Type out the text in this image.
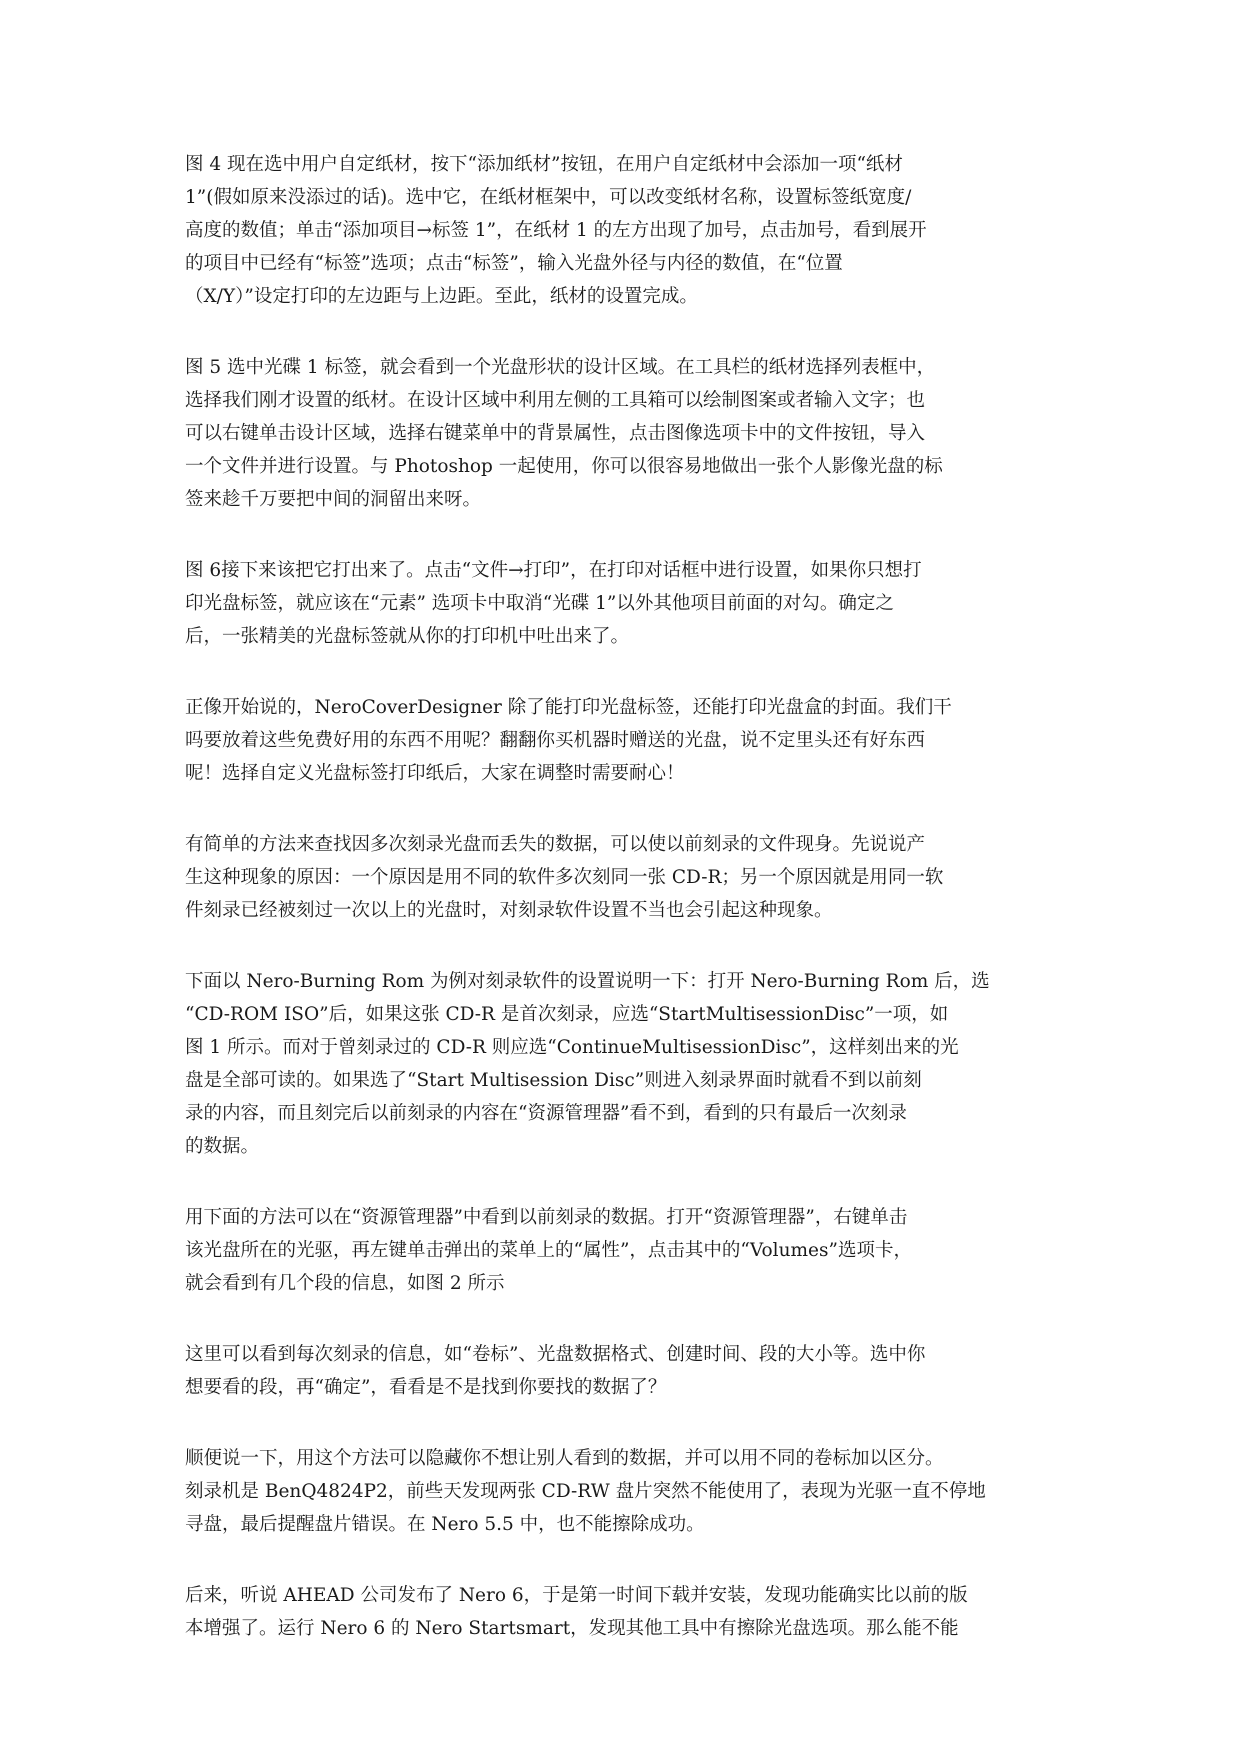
图 4 现在选中用户自定纸材，按下“添加纸材”按钮，在用户自定纸材中会添加一项“纸材
1”(假如原来没添过的话)。选中它，在纸材框架中，可以改变纸材名称，设置标签纸宽度/
高度的数值；单击“添加项目→标签 1”，在纸材 1 的左方出现了加号，点击加号，看到展开
的项目中已经有“标签”选项；点击“标签”，输入光盘外径与内径的数值，在“位置
（X/Y）”设定打印的左边距与上边距。至此，纸材的设置完成。

图 5 选中光碟 1 标签，就会看到一个光盘形状的设计区域。在工具栏的纸材选择列表框中，
选择我们刚才设置的纸材。在设计区域中利用左侧的工具箱可以绘制图案或者输入文字；也
可以右键单击设计区域，选择右键菜单中的背景属性，点击图像选项卡中的文件按钮，导入
一个文件并进行设置。与 Photoshop 一起使用，你可以很容易地做出一张个人影像光盘的标
签来趁千万要把中间的洞留出来呀。

图 6接下来该把它打出来了。点击“文件→打印”，在打印对话框中进行设置，如果你只想打
印光盘标签，就应该在“元素” 选项卡中取消“光碟 1”以外其他项目前面的对勾。确定之
后，一张精美的光盘标签就从你的打印机中吐出来了。

正像开始说的，NeroCoverDesigner 除了能打印光盘标签，还能打印光盘盒的封面。我们干
吗要放着这些免费好用的东西不用呢？翻翻你买机器时赠送的光盘，说不定里头还有好东西
呢！选择自定义光盘标签打印纸后，大家在调整时需要耐心！

有简单的方法来查找因多次刻录光盘而丢失的数据，可以使以前刻录的文件现身。先说说产
生这种现象的原因：一个原因是用不同的软件多次刻同一张 CD-R；另一个原因就是用同一软
件刻录已经被刻过一次以上的光盘时，对刻录软件设置不当也会引起这种现象。

下面以 Nero-Burning Rom 为例对刻录软件的设置说明一下：打开 Nero-Burning Rom 后，选
“CD-ROM ISO”后，如果这张 CD-R 是首次刻录，应选“StartMultisessionDisc”一项，如
图 1 所示。而对于曾刻录过的 CD-R 则应选“ContinueMultisessionDisc”，这样刻出来的光
盘是全部可读的。如果选了“Start Multisession Disc”则进入刻录界面时就看不到以前刻
录的内容，而且刻完后以前刻录的内容在“资源管理器”看不到，看到的只有最后一次刻录
的数据。

用下面的方法可以在“资源管理器”中看到以前刻录的数据。打开“资源管理器”，右键单击
该光盘所在的光驱，再左键单击弹出的菜单上的“属性”，点击其中的“Volumes”选项卡，
就会看到有几个段的信息，如图 2 所示

这里可以看到每次刻录的信息，如“卷标”、光盘数据格式、创建时间、段的大小等。选中你
想要看的段，再“确定”，看看是不是找到你要找的数据了？

顺便说一下，用这个方法可以隐藏你不想让别人看到的数据，并可以用不同的卷标加以区分。
刻录机是 BenQ4824P2，前些天发现两张 CD-RW 盘片突然不能使用了，表现为光驱一直不停地
寻盘，最后提醒盘片错误。在 Nero 5.5 中，也不能擦除成功。

后来，听说 AHEAD 公司发布了 Nero 6，于是第一时间下载并安装，发现功能确实比以前的版
本增强了。运行 Nero 6 的 Nero Startsmart，发现其他工具中有擦除光盘选项。那么能不能
